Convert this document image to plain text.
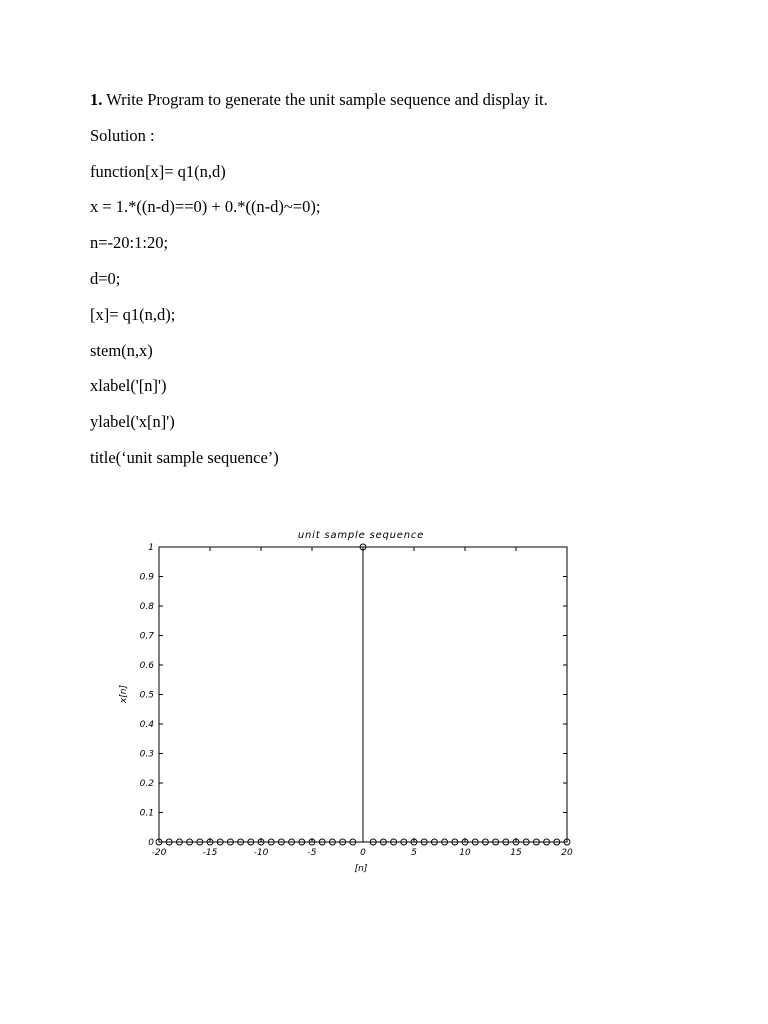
1. Write Program to generate the unit sample sequence and display it.
Solution :
function[x]= q1(n,d)
x = 1.*((n-d)==0) + 0.*((n-d)~=0);
n=-20:1:20;
d=0;
[x]= q1(n,d);
stem(n,x)
xlabel('[n]')
ylabel('x[n]')
title(‘unit sample sequence’)
unit sample sequence
-20	-15	-10	-5	0	5	10	15	20
0
0.1
0.2
0.3
0.4
0.5
0.6
0.7
0.8
0.9
1
[n]
x[n]
